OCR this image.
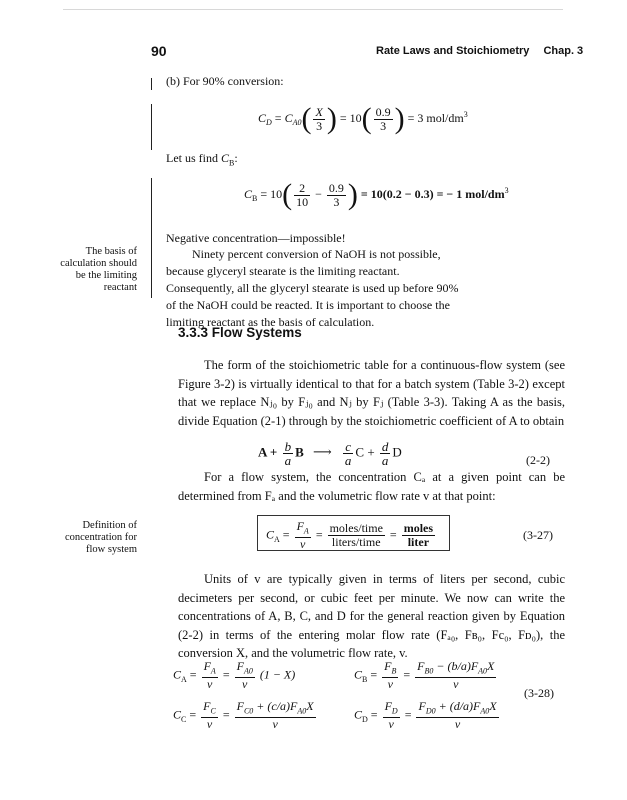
90	Rate Laws and Stoichiometry Chap. 3
(b) For 90% conversion:
$C_D = C_{A0}( \frac{X}{3}$ ) = $10( \frac{0.9}{3}$ ) = 3 mol/$dm^3$
Let us find $C_B$:
$C_B = 10( \frac{2}{10} - \frac{0.9}{3}$ ) = 10(0.2 − 0.3) = − 1 mol/$dm^3$
Negative concentration—impossible!
Ninety percent conversion of NaOH is not possible, because glyceryl stearate is the limiting reactant. Consequently, all the glyceryl stearate is used up before 90% of the NaOH could be reacted. It is important to choose the limiting reactant as the basis of calculation.
The basis of calculation should be the limiting reactant
3.3.3 Flow Systems
The form of the stoichiometric table for a continuous-flow system (see Figure 3-2) is virtually identical to that for a batch system (Table 3-2) except that we replace Nⱼ₀ by Fⱼ₀ and Nⱼ by Fⱼ (Table 3-3). Taking A as the basis, divide Equation (2-1) through by the stoichiometric coefficient of A to obtain
$A + \frac{b}{a}$ B ⟶ $\frac{c}{a}$ $C + \frac{d}{a}$ D
(2-2)
For a flow system, the concentration Cₐ at a given point can be determined from Fₐ and the volumetric flow rate v at that point:
Definition of concentration for flow system
$C_A = \frac{F_A}{v} = \frac{\text{moles/time}}{\text{liters/time}} = \frac{\text{moles}}{\text{liter}}$	(3-27)
Units of v are typically given in terms of liters per second, cubic decimeters per second, or cubic feet per minute. We now can write the concentrations of A, B, C, and D for the general reaction given by Equation (2-2) in terms of the entering molar flow rate (Fₐ₀, Fʙ₀, Fc₀, Fᴅ₀), the conversion X, and the volumetric flow rate, v.
$C_A = \frac{F_A}{v} = \frac{F_{A0}}{v} (1 - X)$	$C_B = \frac{F_B}{v} = \frac{F_{B0} - (b/a)F_{A0}X}{v}$
$C_C = \frac{F_C}{v} = \frac{F_{C0} + (c/a)F_{A0}X}{v}$	$C_D = \frac{F_D}{v} = \frac{F_{D0} + (d/a)F_{A0}X}{v}$
(3-28)
